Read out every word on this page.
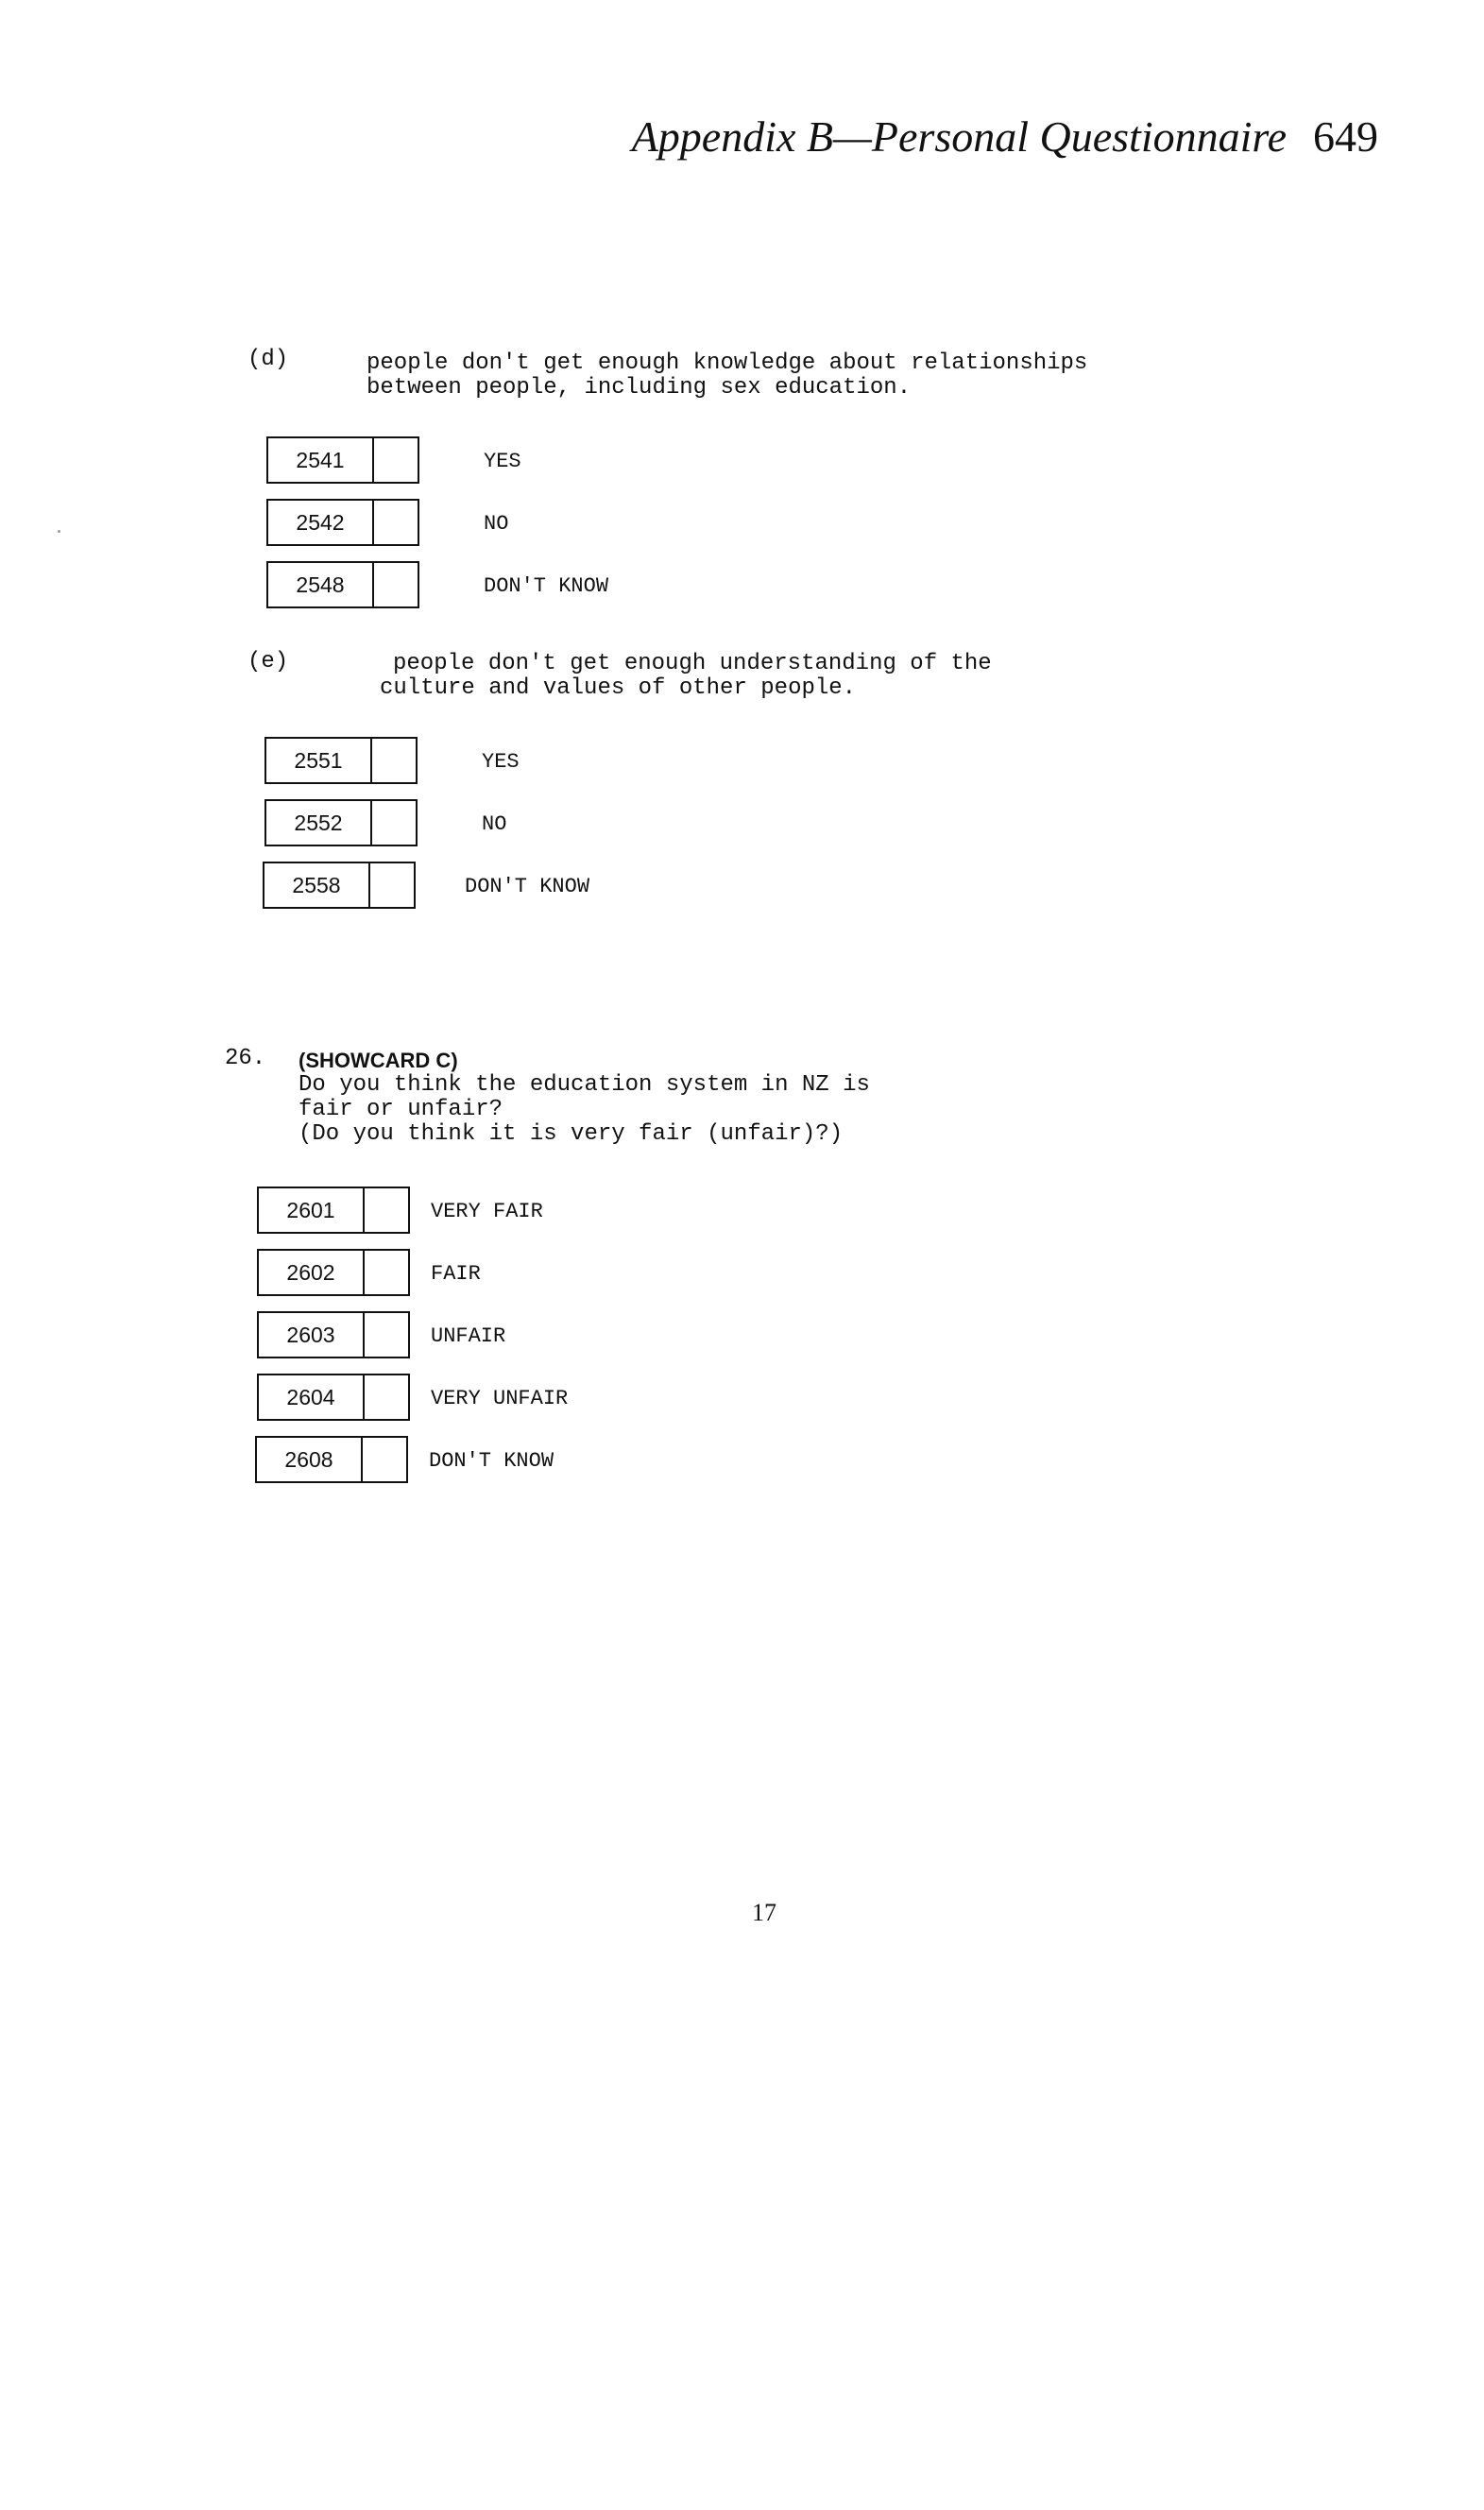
Appendix B—Personal Questionnaire 649
(d)	people don't get enough knowledge about relationships
between people, including sex education.
2541	YES
2542	NO
2548	DON'T KNOW
(e)	people don't get enough understanding of the
culture and values of other people.
2551	YES
2552	NO
2558	DON'T KNOW
26. (SHOWCARD C)
Do you think the education system in NZ is
fair or unfair?
(Do you think it is very fair (unfair)?)
2601	VERY FAIR
2602	FAIR
2603	UNFAIR
2604	VERY UNFAIR
2608	DON'T KNOW
17
